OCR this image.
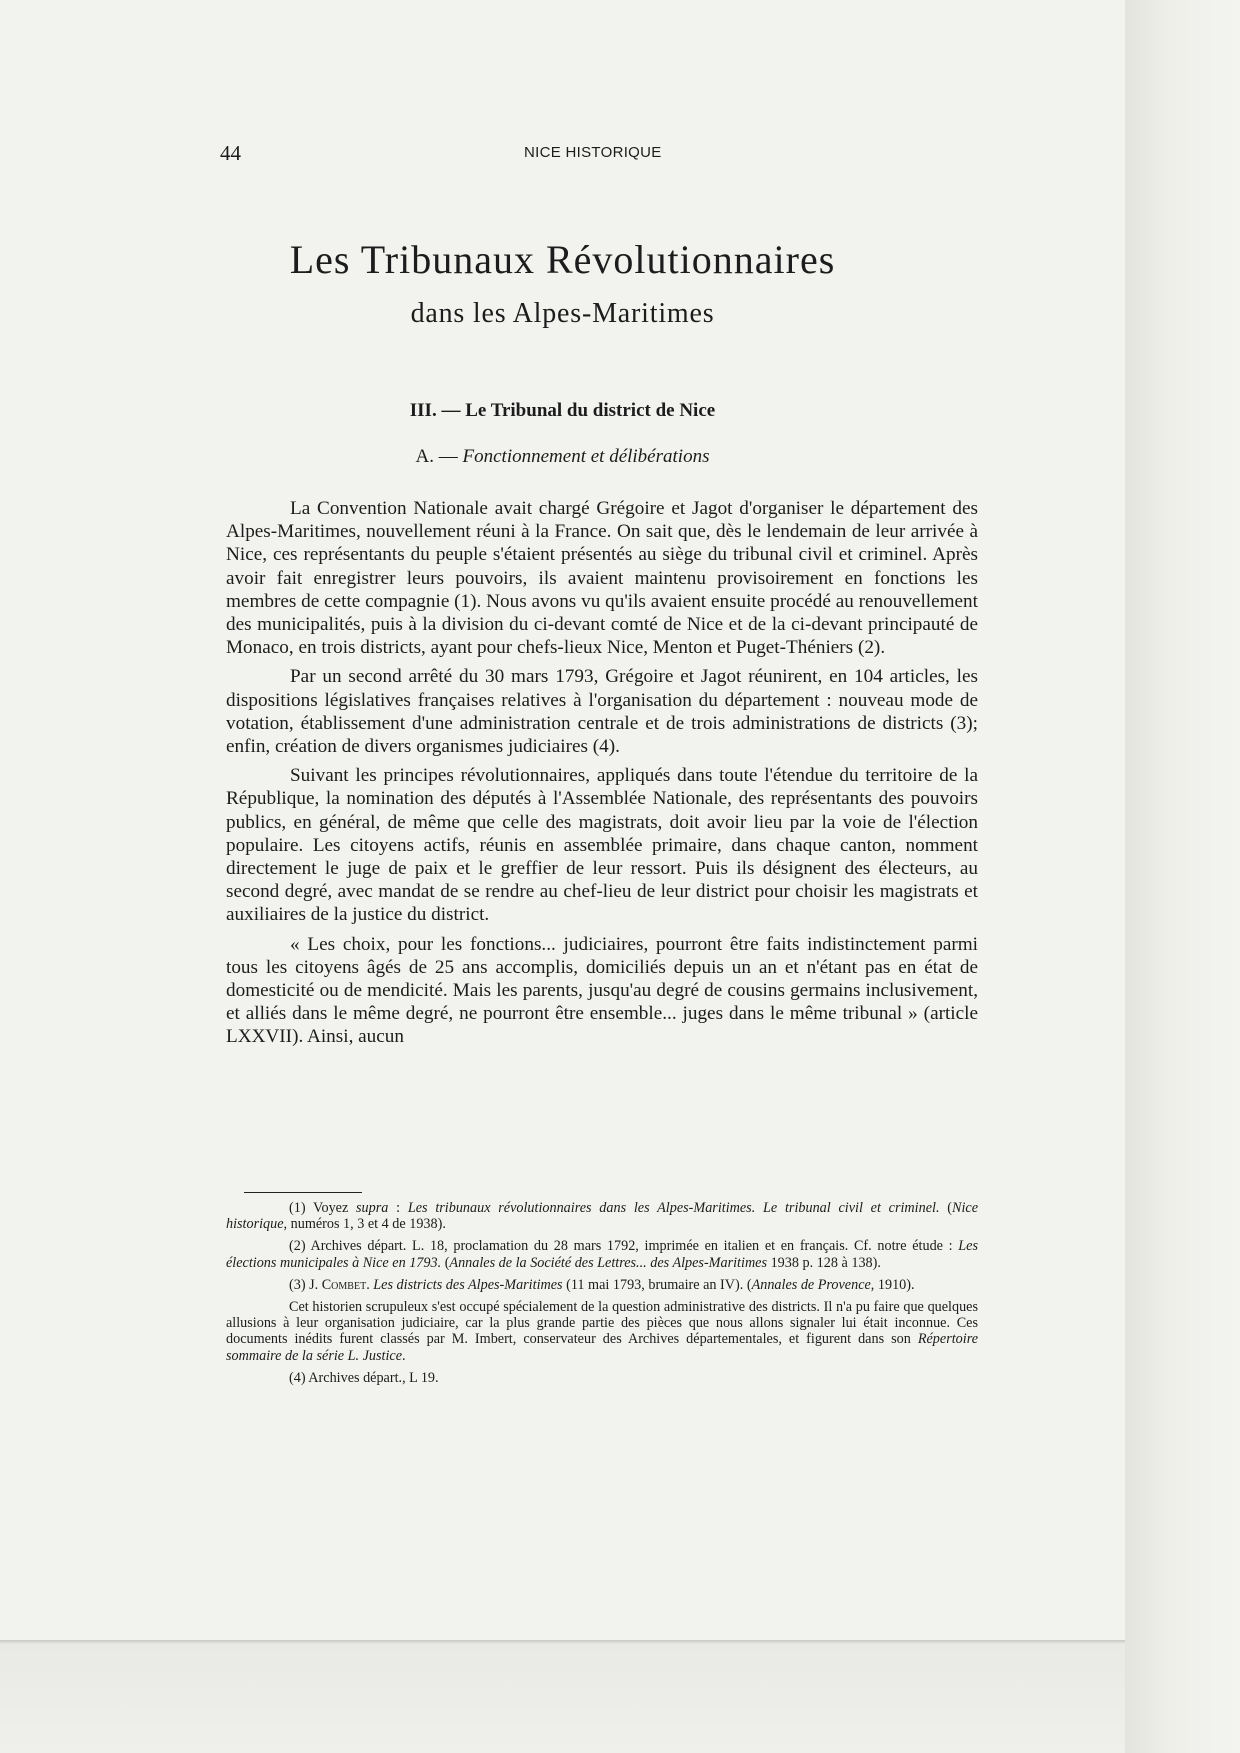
44	NICE HISTORIQUE
Les Tribunaux Révolutionnaires
dans les Alpes-Maritimes
III. — Le Tribunal du district de Nice
A. — Fonctionnement et délibérations

La Convention Nationale avait chargé Grégoire et Jagot d'organiser le département des Alpes-Maritimes, nouvellement réuni à la France. On sait que, dès le lendemain de leur arrivée à Nice, ces représentants du peuple s'étaient présentés au siège du tribunal civil et criminel. Après avoir fait enregistrer leurs pouvoirs, ils avaient maintenu provisoirement en fonctions les membres de cette compagnie (1). Nous avons vu qu'ils avaient ensuite procédé au renouvellement des municipalités, puis à la division du ci-devant comté de Nice et de la ci-devant principauté de Monaco, en trois districts, ayant pour chefs-lieux Nice, Menton et Puget-Théniers (2).

Par un second arrêté du 30 mars 1793, Grégoire et Jagot réunirent, en 104 articles, les dispositions législatives françaises relatives à l'organisation du département : nouveau mode de votation, établissement d'une administration centrale et de trois administrations de districts (3); enfin, création de divers organismes judiciaires (4).

Suivant les principes révolutionnaires, appliqués dans toute l'étendue du territoire de la République, la nomination des députés à l'Assemblée Nationale, des représentants des pouvoirs publics, en général, de même que celle des magistrats, doit avoir lieu par la voie de l'élection populaire. Les citoyens actifs, réunis en assemblée primaire, dans chaque canton, nomment directement le juge de paix et le greffier de leur ressort. Puis ils désignent des électeurs, au second degré, avec mandat de se rendre au chef-lieu de leur district pour choisir les magistrats et auxiliaires de la justice du district.

« Les choix, pour les fonctions... judiciaires, pourront être faits indistinctement parmi tous les citoyens âgés de 25 ans accomplis, domiciliés depuis un an et n'étant pas en état de domesticité ou de mendicité. Mais les parents, jusqu'au degré de cousins germains inclusivement, et alliés dans le même degré, ne pourront être ensemble... juges dans le même tribunal » (article LXXVII). Ainsi, aucun

(1) Voyez supra : Les tribunaux révolutionnaires dans les Alpes-Maritimes. Le tribunal civil et criminel. (Nice historique, numéros 1, 3 et 4 de 1938).

(2) Archives départ. L. 18, proclamation du 28 mars 1792, imprimée en italien et en français. Cf. notre étude : Les élections municipales à Nice en 1793. (Annales de la Société des Lettres... des Alpes-Maritimes 1938 p. 128 à 138).

(3) J. Combet. Les districts des Alpes-Maritimes (11 mai 1793, brumaire an IV). (Annales de Provence, 1910).

Cet historien scrupuleux s'est occupé spécialement de la question administrative des districts. Il n'a pu faire que quelques allusions à leur organisation judiciaire, car la plus grande partie des pièces que nous allons signaler lui était inconnue. Ces documents inédits furent classés par M. Imbert, conservateur des Archives départementales, et figurent dans son Répertoire sommaire de la série L. Justice.

(4) Archives départ., L 19.
